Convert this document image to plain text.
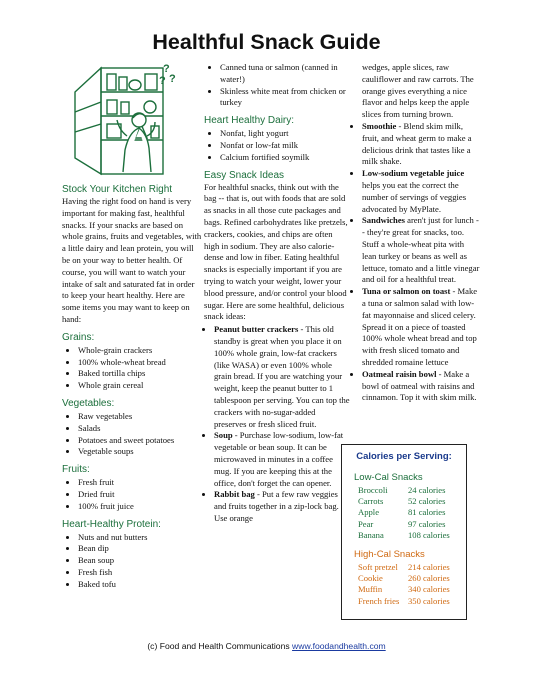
Healthful Snack Guide
?
?
?
Stock Your Kitchen Right

Having the right food on hand is very important for making fast, healthful snacks. If your snacks are based on whole grains, fruits and vegetables, with a little dairy and lean protein, you will be on your way to better health. Of course, you will want to watch your intake of salt and saturated fat in order to keep your heart healthy. Here are some items you may want to keep on hand:

Grains:
• Whole-grain crackers
• 100% whole-wheat bread
• Baked tortilla chips
• Whole grain cereal
Vegetables:
• Raw vegetables
• Salads
• Potatoes and sweet potatoes
• Vegetable soups
Fruits:
• Fresh fruit
• Dried fruit
• 100% fruit juice
Heart-Healthy Protein:
• Nuts and nut butters
• Bean dip
• Bean soup
• Fresh fish
• Baked tofu
• Canned tuna or salmon (canned in water!)
• Skinless white meat from chicken or turkey
Heart Healthy Dairy:
• Nonfat, light yogurt
• Nonfat or low-fat milk
• Calcium fortified soymilk
Easy Snack Ideas

For healthful snacks, think out with the bag -- that is, out with foods that are sold as snacks in all those cute packages and bags. Refined carbohydrates like pretzels, crackers, cookies, and chips are often high in sodium. They are also calorie-dense and low in fiber. Eating healthful snacks is especially important if you are trying to watch your weight, lower your blood pressure, and/or control your blood sugar. Here are some healthful, delicious snack ideas:

• Peanut butter crackers - This old standby is great when you place it on 100% whole grain, low-fat crackers (like WASA) or even 100% whole grain bread. If you are watching your weight, keep the peanut butter to 1 tablespoon per serving. You can top the crackers with no-sugar-added preserves or fresh sliced fruit.
• Soup - Purchase low-sodium, low-fat vegetable or bean soup. It can be microwaved in minutes in a coffee mug. If you are keeping this at the office, don't forget the can opener.
• Rabbit bag - Put a few raw veggies and fruits together in a zip-lock bag. Use orange

wedges, apple slices, raw cauliflower and raw carrots. The orange gives everything a nice flavor and helps keep the apple slices from turning brown.

• Smoothie - Blend skim milk, fruit, and wheat germ to make a delicious drink that tastes like a milk shake.
• Low-sodium vegetable juice helps you eat the correct the number of servings of veggies advocated by MyPlate.
• Sandwiches aren't just for lunch -- they're great for snacks, too. Stuff a whole-wheat pita with lean turkey or beans as well as lettuce, tomato and a little vinegar and oil for a healthful treat.
• Tuna or salmon on toast - Make a tuna or salmon salad with low-fat mayonnaise and sliced celery. Spread it on a piece of toasted 100% whole wheat bread and top with fresh sliced tomato and shredded romaine lettuce
• Oatmeal raisin bowl - Make a bowl of oatmeal with raisins and cinnamon. Top it with skim milk.
Calories per Serving:
Low-Cal Snacks
Broccoli	24 calories
Carrots	52 calories
Apple	81 calories
Pear	97 calories
Banana	108 calories
High-Cal Snacks
Soft pretzel	214 calories
Cookie	260 calories
Muffin	340 calories
French fries	350 calories
(c) Food and Health Communications www.foodandhealth.com
